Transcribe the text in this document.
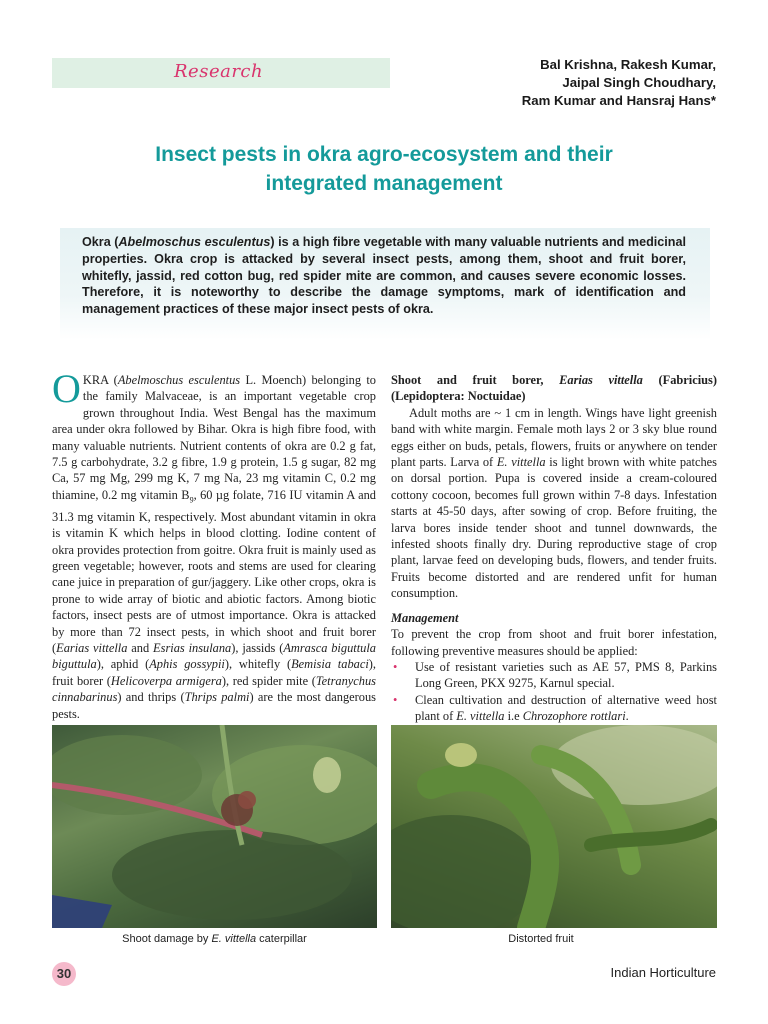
Research	Bal Krishna, Rakesh Kumar,
Jaipal Singh Choudhary,
Ram Kumar and Hansraj Hans*
Insect pests in okra agro-ecosystem and their
integrated management

Okra (Abelmoschus esculentus) is a high fibre vegetable with many valuable nutrients and medicinal properties. Okra crop is attacked by several insect pests, among them, shoot and fruit borer, whitefly, jassid, red cotton bug, red spider mite are common, and causes severe economic losses. Therefore, it is noteworthy to describe the damage symptoms, mark of identification and management practices of these major insect pests of okra.

OKRA (Abelmoschus esculentus L. Moench) belonging to the family Malvaceae, is an important vegetable crop grown throughout India. West Bengal has the maximum area under okra followed by Bihar. Okra is high fibre food, with many valuable nutrients. Nutrient contents of okra are 0.2 g fat, 7.5 g carbohydrate, 3.2 g fibre, 1.9 g protein, 1.5 g sugar, 82 mg Ca, 57 mg Mg, 299 mg K, 7 mg Na, 23 mg vitamin C, 0.2 mg thiamine, 0.2 mg vitamin $B_9$, 60 µg folate, 716 IU vitamin A and 31.3 mg vitamin K, respectively. Most abundant vitamin in okra is vitamin K which helps in blood clotting. Iodine content of okra provides protection from goitre. Okra fruit is mainly used as green vegetable; however, roots and stems are used for clearing cane juice in preparation of gur/jaggery. Like other crops, okra is prone to wide array of biotic and abiotic factors. Among biotic factors, insect pests are of utmost importance. Okra is attacked by more than 72 insect pests, in which shoot and fruit borer (Earias vittella and Esrias insulana), jassids (Amrasca biguttula biguttula), aphid (Aphis gossypii), whitefly (Bemisia tabaci), fruit borer (Helicoverpa armigera), red spider mite (Tetranychus cinnabarinus) and thrips (Thrips palmi) are the most dangerous pests.

Shoot and fruit borer, Earias vittella (Fabricius) (Lepidoptera: Noctuidae)

Adult moths are ~ 1 cm in length. Wings have light greenish band with white margin. Female moth lays 2 or 3 sky blue round eggs either on buds, petals, flowers, fruits or anywhere on tender plant parts. Larva of E. vittella is light brown with white patches on dorsal portion. Pupa is covered inside a cream-coloured cottony cocoon, becomes full grown within 7-8 days. Infestation starts at 45-50 days, after sowing of crop. Before fruiting, the larva bores inside tender shoot and tunnel downwards, the infested shoots finally dry. During reproductive stage of crop plant, larvae feed on developing buds, flowers, and tender fruits. Fruits become distorted and are rendered unfit for human consumption.

Management

To prevent the crop from shoot and fruit borer infestation, following preventive measures should be applied:

• Use of resistant varieties such as AE 57, PMS 8, Parkins Long Green, PKX 9275, Karnul special.
• Clean cultivation and destruction of alternative weed host plant of E. vittella i.e Chrozophore rottlari.
Shoot damage by E. vittella caterpillar	Distorted fruit
30	Indian Horticulture
